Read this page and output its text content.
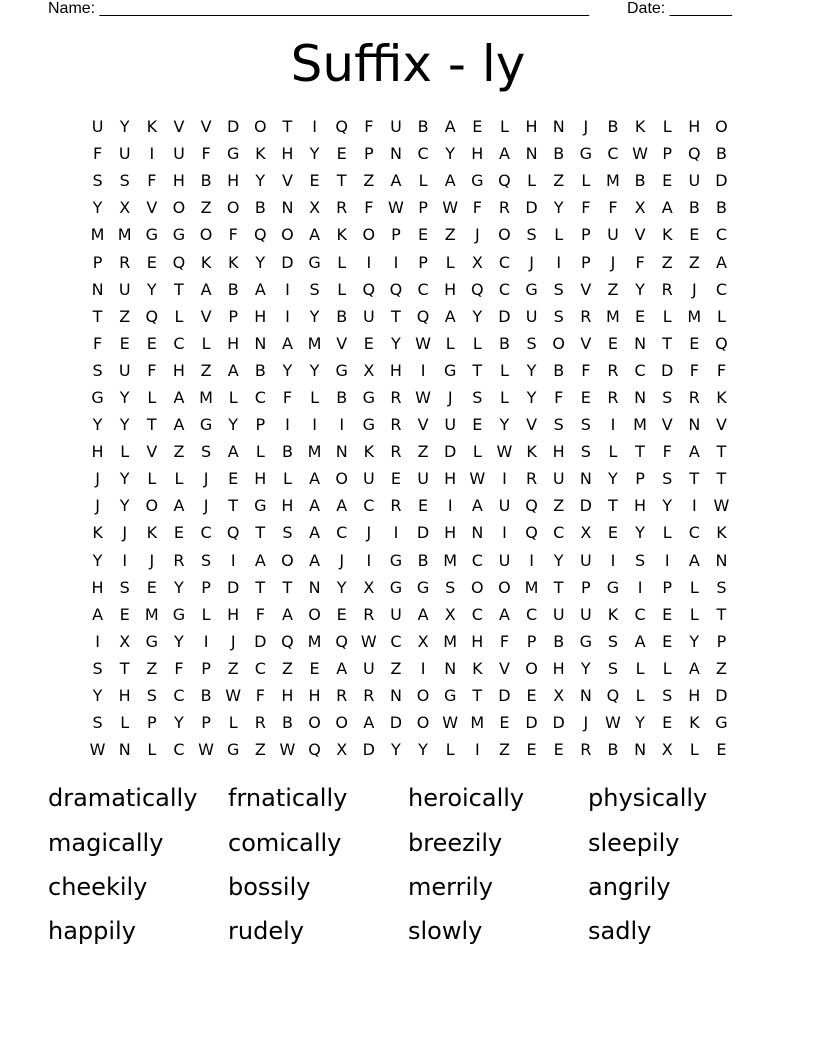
Name: _______________________________________________________ Date: _______
Suffix - ly
U	Y	K	V	V D O T	I	Q	F	U B	A	E	L	H N	J	B	K	L	H O
F	U	I	U	F	G K H	Y	E	P	N C	Y	H A N B G C W P	Q B
S	S	F	H B H	Y	V	E	T	Z	A	L	A G Q	L	Z	L M B	E	U D
Y	X	V O Z O B N X	R	F W P W F	R D	Y	F	F	X	A	B	B
M M G G O	F	Q O A	K O	P	E	Z	J	O S	L	P	U V	K	E	C
P	R	E Q K	K	Y	D G	L	I	I	P	L	X	C	J	I	P	J	F	Z	Z	A
N U	Y	T	A	B	A	I	S	L	Q Q C H Q C G S	V	Z	Y	R	J	C
T	Z Q	L	V	P	H	I	Y	B U	T Q A	Y	D U	S	R M E	L M L
F	E	E	C	L	H N A M V	E	Y W L	L	B	S O V	E	N	T	E Q
S	U	F	H Z	A	B	Y	Y	G X H	I	G	T	L	Y	B	F	R C D	F	F
G	Y	L	A M L	C	F	L	B G R W	J	S	L	Y	F	E	R N	S	R	K
Y	Y	T	A G	Y	P	I	I	I	G R	V U	E	Y	V	S	S	I	M V N V
H	L	V	Z	S	A	L	B M N K	R	Z D	L W K H	S	L	T	F	A	T
J	Y	L	L	J	E	H	L	A O U	E	U H W	I	R U N	Y	P	S	T	T
J	Y O A	J	T	G H A	A	C R	E	I	A U Q Z D	T	H	Y	I	W
K	J	K	E	C Q T	S	A	C	J	I	D H N	I	Q C	X	E	Y	L	C	K
Y	I	J	R	S	I	A O A	J	I	G B M C U	I	Y	U	I	S	I	A N
H	S	E	Y	P	D	T	T	N	Y	X G G S O O M T	P	G	I	P	L	S
A	E M G	L	H	F	A O E	R U A	X	C	A	C U U	K	C	E	L	T
I	X G	Y	I	J	D Q M Q W C	X M H	F	P	B G S	A	E	Y	P
S	T	Z	F	P	Z	C	Z	E	A U Z	I	N K	V O H	Y	S	L	L	A	Z
Y	H	S	C	B W F	H H R	R N O G	T	D E	X N Q	L	S	H D
S	L	P	Y	P	L	R	B O O A D O W M E D D	J	W Y	E	K G
W N	L	C W G Z W Q X D	Y	Y	L	I	Z	E	E	R	B N X	L	E
dramatically	frnatically	heroically	physically
magically	comically	breezily	sleepily
cheekily	bossily	merrily	angrily
happily	rudely	slowly	sadly
